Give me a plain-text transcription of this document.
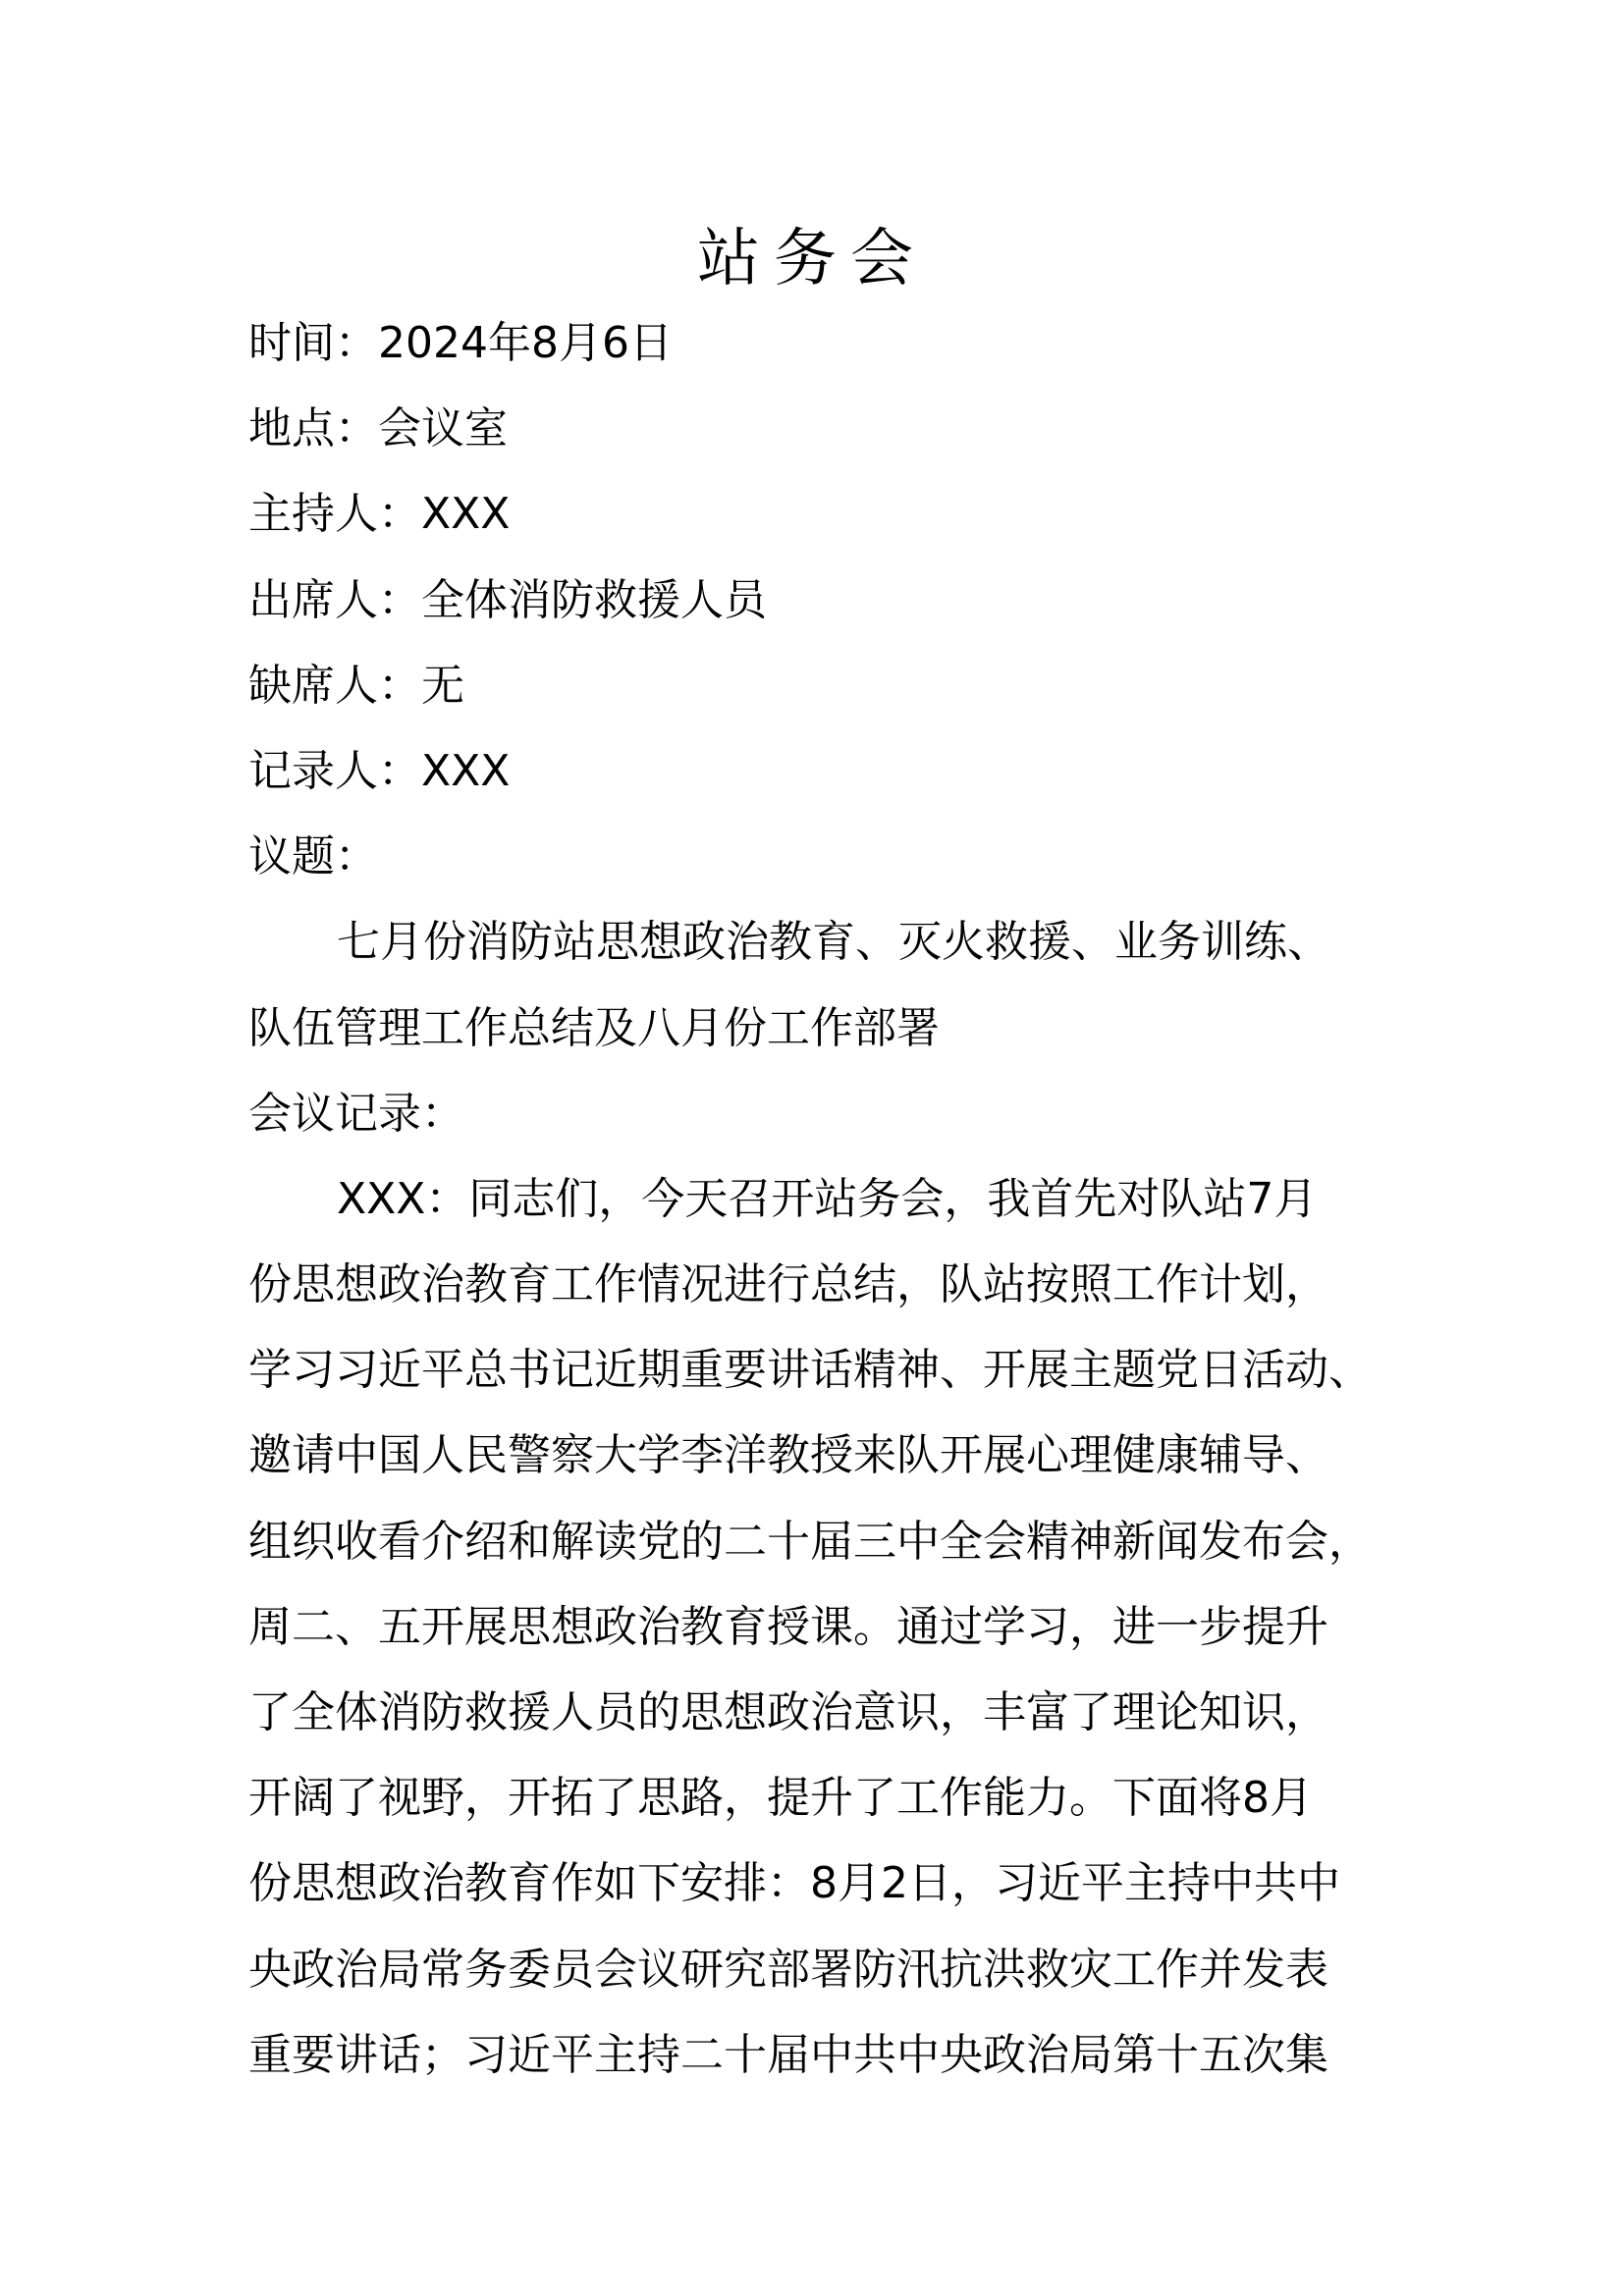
站务会
时间：2024年8月6日
地点：会议室
主持人：XXX
出席人：全体消防救援人员
缺席人：无
记录人：XXX
议题：
七月份消防站思想政治教育、灭火救援、业务训练、
队伍管理工作总结及八月份工作部署
会议记录：
XXX：同志们，今天召开站务会，我首先对队站7月
份思想政治教育工作情况进行总结，队站按照工作计划，
学习习近平总书记近期重要讲话精神、开展主题党日活动、
邀请中国人民警察大学李洋教授来队开展心理健康辅导、
组织收看介绍和解读党的二十届三中全会精神新闻发布会，
周二、五开展思想政治教育授课。通过学习，进一步提升
了全体消防救援人员的思想政治意识，丰富了理论知识，
开阔了视野，开拓了思路，提升了工作能力。下面将8月
份思想政治教育作如下安排：8月2日，习近平主持中共中
央政治局常务委员会议研究部署防汛抗洪救灾工作并发表
重要讲话；习近平主持二十届中共中央政治局第十五次集
